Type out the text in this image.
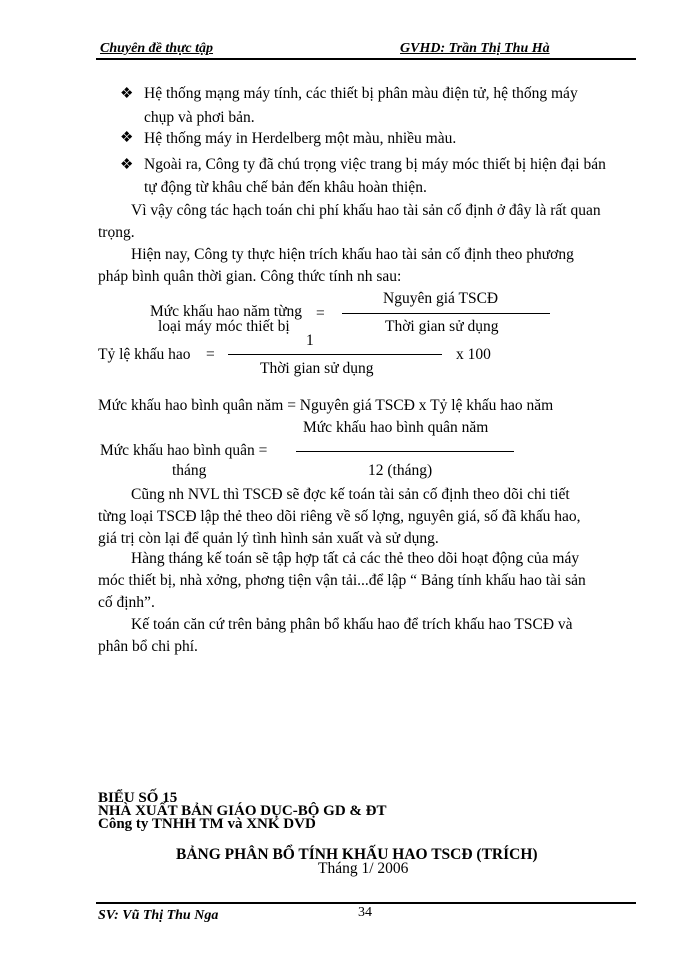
Chuyên đề thực tập	GVHD: Trần Thị Thu Hà
❖ Hệ thống mạng máy tính, các thiết bị phân màu điện tử, hệ thống máy
chụp và phơi bản.
❖ Hệ thống máy in Herdelberg một màu, nhiều màu.
❖ Ngoài ra, Công ty đã chú trọng việc trang bị máy móc thiết bị hiện đại bán
tự động từ khâu chế bản đến khâu hoàn thiện.
Vì vậy công tác hạch toán chi phí khấu hao tài sản cố định ở đây là rất quan
trọng.
Hiện nay, Công ty thực hiện trích khấu hao tài sản cố định theo phương
pháp bình quân thời gian. Công thức tính nh sau:
Mức khấu hao năm từng
loại máy móc thiết bị
=
Nguyên giá TSCĐ
Thời gian sử dụng
Tỷ lệ khấu hao =
1
Thời gian sử dụng
x 100
Mức khấu hao bình quân năm = Nguyên giá TSCĐ x Tỷ lệ khấu hao năm
Mức khấu hao bình quân năm
Mức khấu hao bình quân =
tháng	12 (tháng)
Cũng nh NVL thì TSCĐ sẽ đợc kế toán tài sản cố định theo dõi chi tiết
từng loại TSCĐ lập thẻ theo dõi riêng về số lợng, nguyên giá, số đã khấu hao,
giá trị còn lại để quản lý tình hình sản xuất và sử dụng.
Hàng tháng kế toán sẽ tập hợp tất cả các thẻ theo dõi hoạt động của máy
móc thiết bị, nhà xởng, phơng tiện vận tải...để lập “ Bảng tính khấu hao tài sản
cố định”.
Kế toán căn cứ trên bảng phân bổ khấu hao để trích khấu hao TSCĐ và
phân bổ chi phí.
BIỂU SỐ 15
NHÀ XUẤT BẢN GIÁO DỤC-BỘ GD & ĐT
Công ty TNHH TM và XNK DVD
BẢNG PHÂN BỔ TÍNH KHẤU HAO TSCĐ (TRÍCH)
Tháng 1/ 2006
SV: Vũ Thị Thu Nga	34
